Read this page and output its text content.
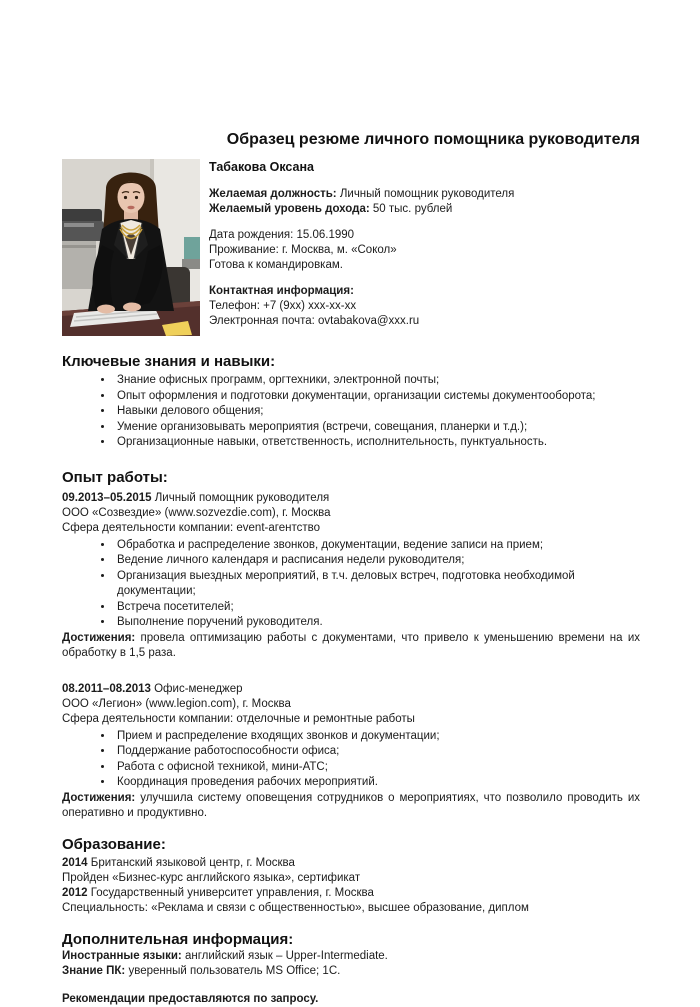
Образец резюме личного помощника руководителя

Табакова Оксана

Желаемая должность: Личный помощник руководителя
Желаемый уровень дохода: 50 тыс. рублей
Дата рождения: 15.06.1990
Проживание: г. Москва, м. «Сокол»
Готова к командировкам.
Контактная информация:
Телефон: +7 (9хх) ххх-хх-хх
Электронная почта: ovtabakova@xxx.ru
Ключевые знания и навыки:
• Знание офисных программ, оргтехники, электронной почты;
• Опыт оформления и подготовки документации, организации системы документооборота;
• Навыки делового общения;
• Умение организовывать мероприятия (встречи, совещания, планерки и т.д.);
• Организационные навыки, ответственность, исполнительность, пунктуальность.
Опыт работы:
09.2013–05.2015 Личный помощник руководителя
ООО «Созвездие» (www.sozvezdie.com), г. Москва
Сфера деятельности компании: event-агентство
• Обработка и распределение звонков, документации, ведение записи на прием;
• Ведение личного календаря и расписания недели руководителя;
• Организация выездных мероприятий, в т.ч. деловых встреч, подготовка необходимой документации;
• Встреча посетителей;
• Выполнение поручений руководителя.

Достижения: провела оптимизацию работы с документами, что привело к уменьшению времени на их обработку в 1,5 раза.

08.2011–08.2013 Офис-менеджер
ООО «Легион» (www.legion.com), г. Москва
Сфера деятельности компании: отделочные и ремонтные работы
• Прием и распределение входящих звонков и документации;
• Поддержание работоспособности офиса;
• Работа с офисной техникой, мини-АТС;
• Координация проведения рабочих мероприятий.

Достижения: улучшила систему оповещения сотрудников о мероприятиях, что позволило проводить их оперативно и продуктивно.

Образование:
2014 Британский языковой центр, г. Москва
Пройден «Бизнес-курс английского языка», сертификат
2012 Государственный университет управления, г. Москва
Специальность: «Реклама и связи с общественностью», высшее образование, диплом
Дополнительная информация:
Иностранные языки: английский язык – Upper-Intermediate.
Знание ПК: уверенный пользователь MS Office; 1С.
Рекомендации предоставляются по запросу.
